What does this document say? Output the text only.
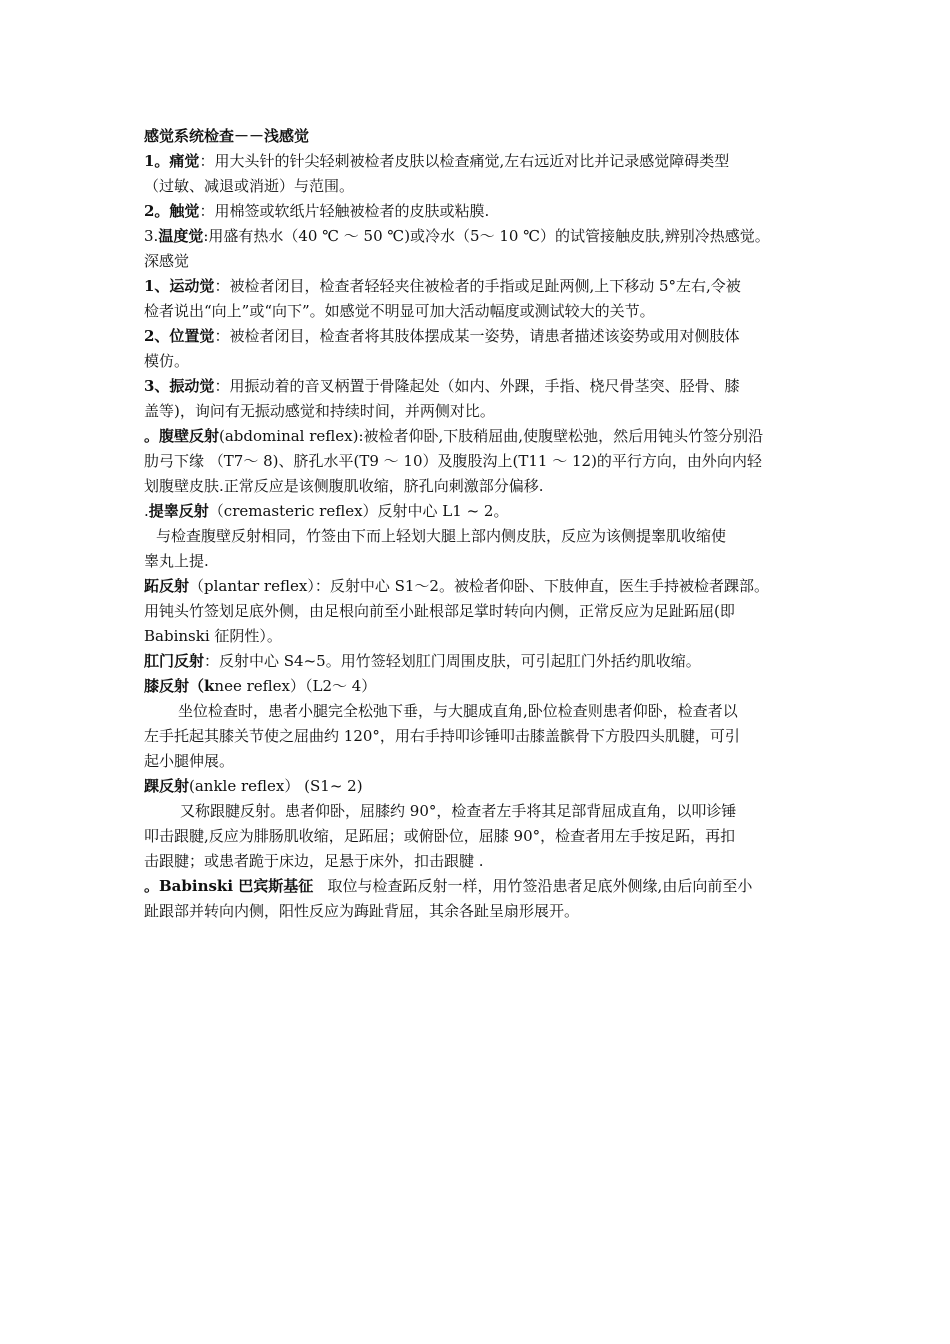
感觉系统检查－－浅感觉
1。痛觉：用大头针的针尖轻刺被检者皮肤以检查痛觉,左右远近对比并记录感觉障碍类型
（过敏、减退或消逝）与范围。
2。触觉：用棉签或软纸片轻触被检者的皮肤或粘膜.
3.温度觉:用盛有热水（40 ℃ ～ 50 ℃)或冷水（5～ 10 ℃）的试管接触皮肤,辨别冷热感觉。
深感觉
1、运动觉：被检者闭目，检查者轻轻夹住被检者的手指或足趾两侧,上下移动 5°左右,令被
检者说出“向上”或“向下”。如感觉不明显可加大活动幅度或测试较大的关节。
2、位置觉：被检者闭目，检查者将其肢体摆成某一姿势，请患者描述该姿势或用对侧肢体
模仿。
3、振动觉：用振动着的音叉柄置于骨隆起处（如内、外踝，手指、桡尺骨茎突、胫骨、膝
盖等)，询问有无振动感觉和持续时间，并两侧对比。
。腹壁反射(abdominal reflex):被检者仰卧,下肢稍屈曲,使腹壁松弛，然后用钝头竹签分别沿
肋弓下缘 （T7～ 8)、脐孔水平(T9 ～ 10）及腹股沟上(T11 ～ 12)的平行方向，由外向内轻
划腹壁皮肤.正常反应是该侧腹肌收缩，脐孔向刺激部分偏移.
.提睾反射（cremasteric reflex）反射中心 L1 ~ 2。
与检查腹壁反射相同，竹签由下而上轻划大腿上部内侧皮肤，反应为该侧提睾肌收缩使
睾丸上提.
跖反射（plantar reflex）：反射中心 S1～2。被检者仰卧、下肢伸直，医生手持被检者踝部。
用钝头竹签划足底外侧，由足根向前至小趾根部足掌时转向内侧，正常反应为足趾跖屈(即
Babinski 征阴性）。
肛门反射：反射中心 S4~5。用竹签轻划肛门周围皮肤，可引起肛门外括约肌收缩。
膝反射（knee reflex）（L2～ 4）
坐位检查时，患者小腿完全松弛下垂，与大腿成直角,卧位检查则患者仰卧，检查者以
左手托起其膝关节使之屈曲约 120°，用右手持叩诊锤叩击膝盖髌骨下方股四头肌腱，可引
起小腿伸展。
踝反射(ankle reflex） (S1~ 2)
又称跟腱反射。患者仰卧，屈膝约 90°，检查者左手将其足部背屈成直角，以叩诊锤
叩击跟腱,反应为腓肠肌收缩，足跖屈；或俯卧位，屈膝 90°，检查者用左手按足跖，再扣
击跟腱；或患者跪于床边，足悬于床外，扣击跟腱 .
。Babinski 巴宾斯基征   取位与检查跖反射一样，用竹签沿患者足底外侧缘,由后向前至小
趾跟部并转向内侧，阳性反应为踇趾背屈，其余各趾呈扇形展开。
